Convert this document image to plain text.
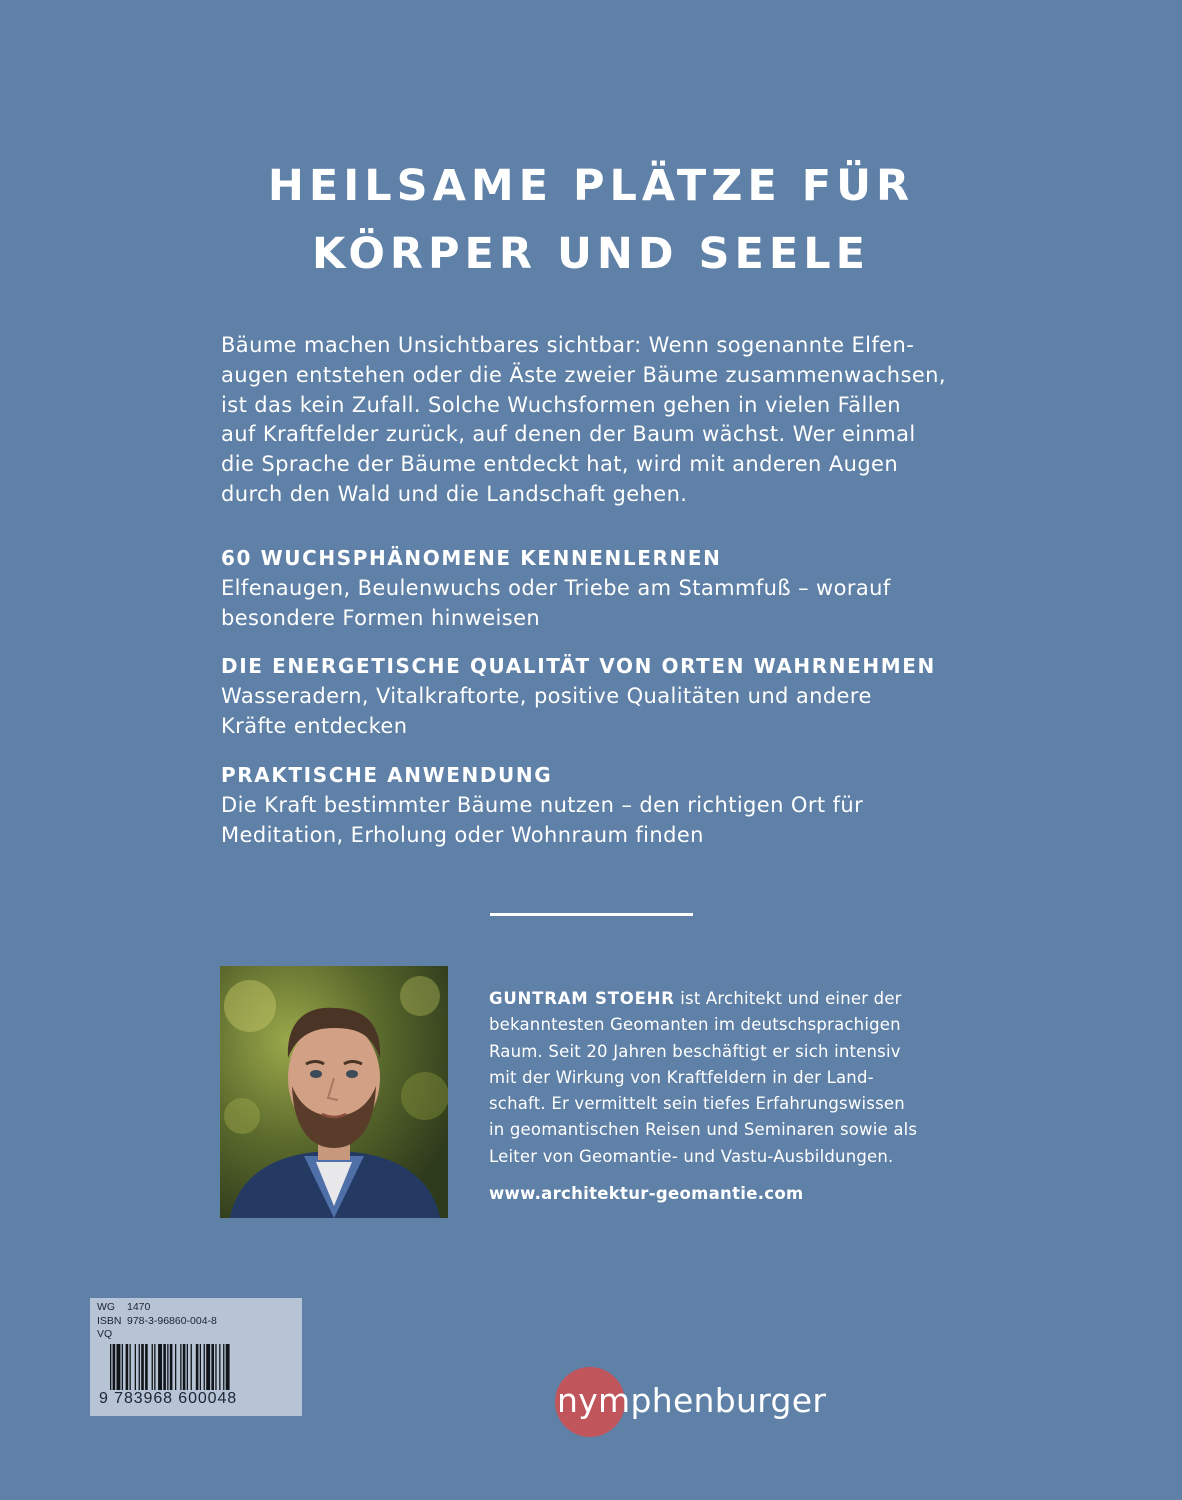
HEILSAME PLÄTZE FÜR
KÖRPER UND SEELE
Bäume machen Unsichtbares sichtbar: Wenn sogenannte Elfen-
augen entstehen oder die Äste zweier Bäume zusammenwachsen,
ist das kein Zufall. Solche Wuchsformen gehen in vielen Fällen
auf Kraftfelder zurück, auf denen der Baum wächst. Wer einmal
die Sprache der Bäume entdeckt hat, wird mit anderen Augen
durch den Wald und die Landschaft gehen.
60 WUCHSPHÄNOMENE KENNENLERNEN
Elfenaugen, Beulenwuchs oder Triebe am Stammfuß – worauf
besondere Formen hinweisen
DIE ENERGETISCHE QUALITÄT VON ORTEN WAHRNEHMEN
Wasseradern, Vitalkraftorte, positive Qualitäten und andere
Kräfte entdecken
PRAKTISCHE ANWENDUNG
Die Kraft bestimmter Bäume nutzen – den richtigen Ort für
Meditation, Erholung oder Wohnraum finden
GUNTRAM STOEHR ist Architekt und einer der
bekanntesten Geomanten im deutschsprachigen
Raum. Seit 20 Jahren beschäftigt er sich intensiv
mit der Wirkung von Kraftfeldern in der Land-
schaft. Er vermittelt sein tiefes Erfahrungswissen
in geomantischen Reisen und Seminaren sowie als
Leiter von Geomantie- und Vastu-Ausbildungen.
www.architektur-geomantie.com
WG 1470
ISBN 978-3-96860-004-8
VQ
9 783968 600048	nymphenburger
